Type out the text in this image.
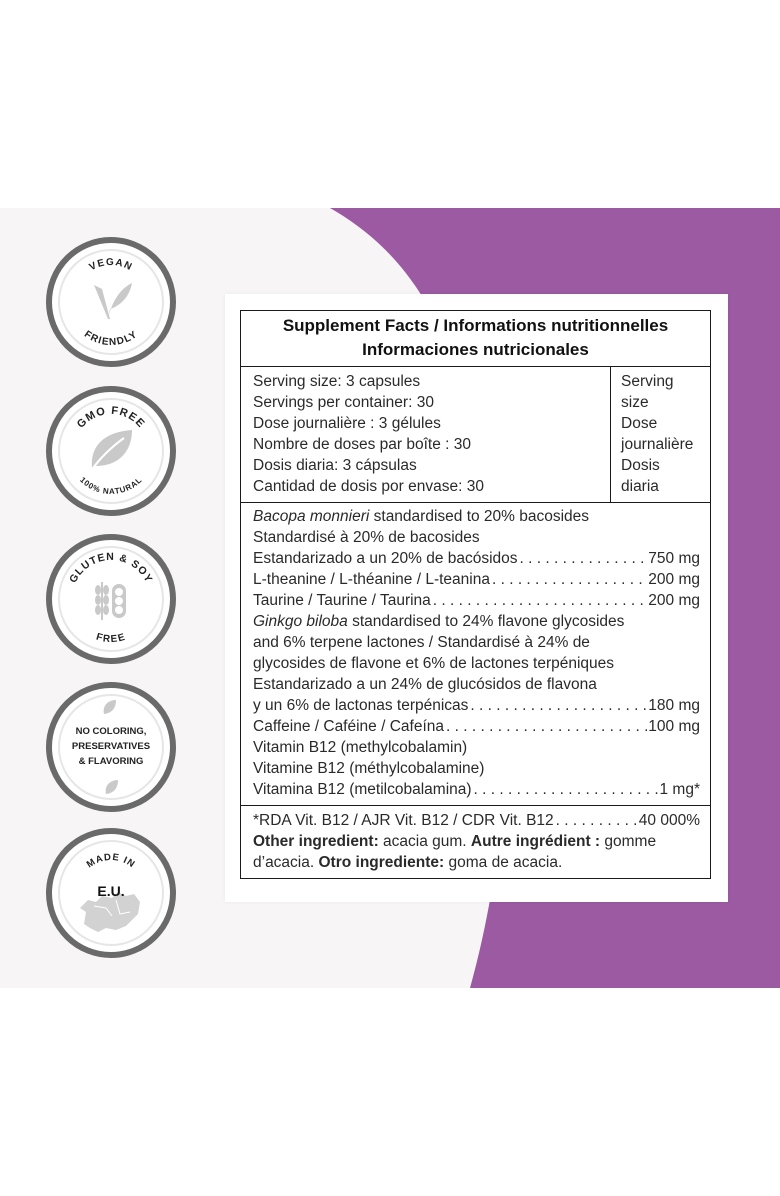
VEGAN
FRIENDLY
GMO FREE
100% NATURAL
GLUTEN & SOY
FREE
NO COLORING,
PRESERVATIVES
& FLAVORING
MADE IN
E.U.
Supplement Facts / Informations nutritionnelles
Informaciones nutricionales
Serving size: 3 capsules
Servings per container: 30
Dose journalière : 3 gélules
Nombre de doses par boîte : 30
Dosis diaria: 3 cápsulas
Cantidad de dosis por envase: 30
Serving
size
Dose
journalière
Dosis
diaria
Bacopa monnieri standardised to 20% bacosides
Standardisé à 20% de bacosides
Estandarizado a un 20% de bacósidos . . .	750 mg
L-theanine / L-théanine / L-teanina . . .	200 mg
Taurine / Taurine / Taurina . . .	200 mg
Ginkgo biloba standardised to 24% flavone glycosides
and 6% terpene lactones / Standardisé à 24% de
glycosides de flavone et 6% de lactones terpéniques
Estandarizado a un 24% de glucósidos de flavona
y un 6% de lactonas terpénicas . . .	180 mg
Caffeine / Caféine / Cafeína . . .	100 mg
Vitamin B12 (methylcobalamin)
Vitamine B12 (méthylcobalamine)
Vitamina B12 (metilcobalamina) . . .	1 mg*
*RDA Vit. B12 / AJR Vit. B12 / CDR Vit. B12 . . .	40 000%
Other ingredient: acacia gum. Autre ingrédient : gomme d’acacia. Otro ingrediente: goma de acacia.
